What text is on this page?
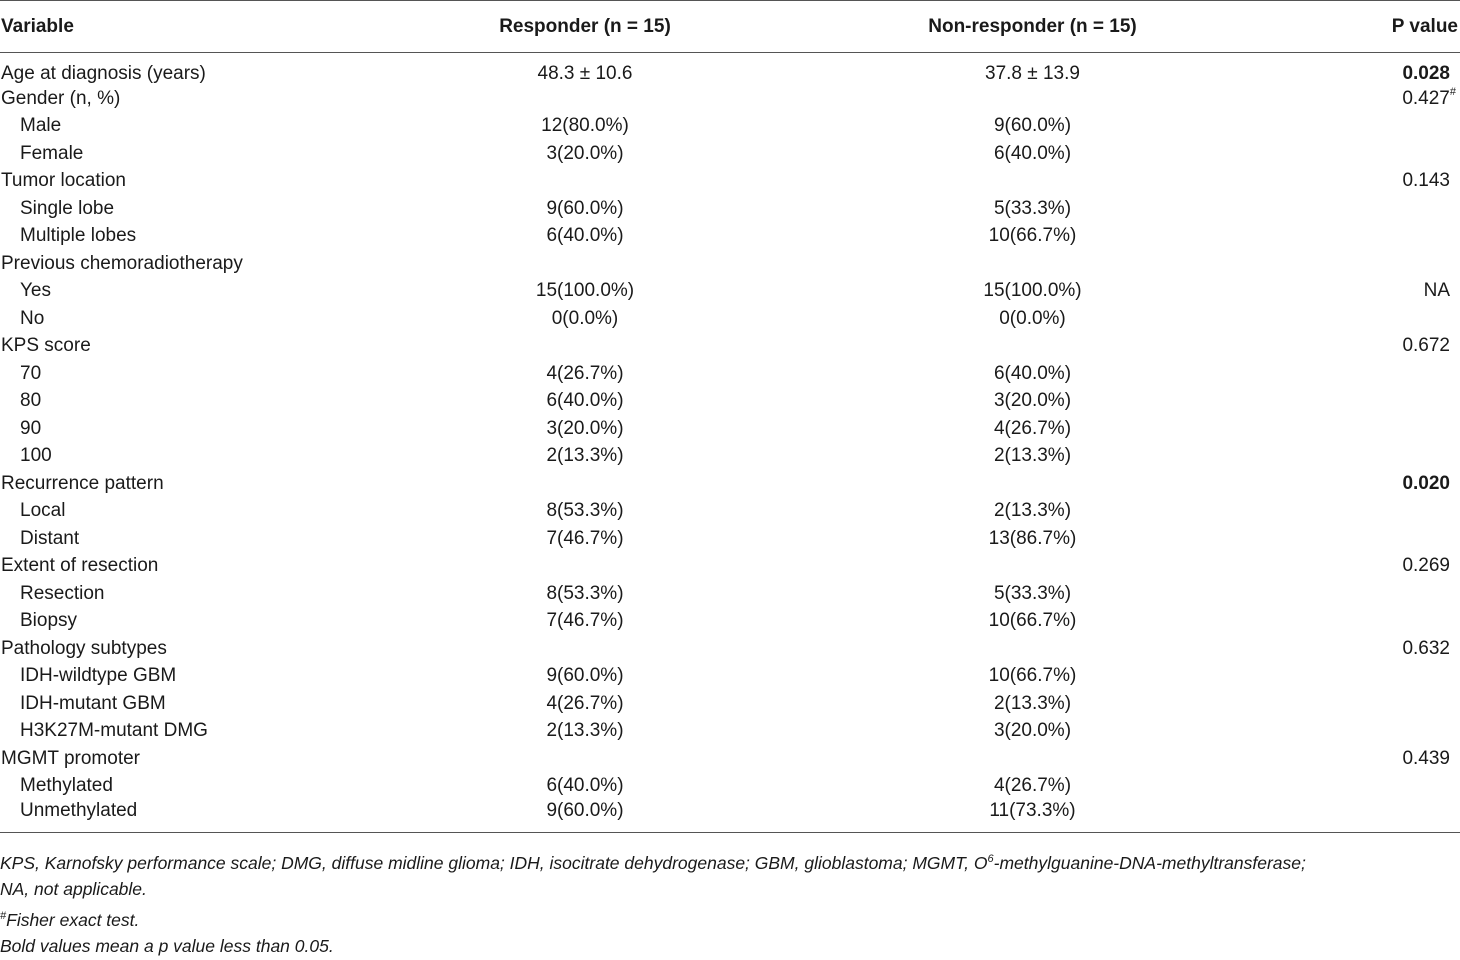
Variable	Responder (n = 15)	Non-responder (n = 15)	P value
Age at diagnosis (years)	48.3 ± 10.6	37.8 ± 13.9	0.028
Gender (n, %)			0.427#
Male	12(80.0%)	9(60.0%)	
Female	3(20.0%)	6(40.0%)	
Tumor location			0.143
Single lobe	9(60.0%)	5(33.3%)	
Multiple lobes	6(40.0%)	10(66.7%)	
Previous chemoradiotherapy			
Yes	15(100.0%)	15(100.0%)	NA
No	0(0.0%)	0(0.0%)	
KPS score			0.672
70	4(26.7%)	6(40.0%)	
80	6(40.0%)	3(20.0%)	
90	3(20.0%)	4(26.7%)	
100	2(13.3%)	2(13.3%)	
Recurrence pattern			0.020
Local	8(53.3%)	2(13.3%)	
Distant	7(46.7%)	13(86.7%)	
Extent of resection			0.269
Resection	8(53.3%)	5(33.3%)	
Biopsy	7(46.7%)	10(66.7%)	
Pathology subtypes			0.632
IDH-wildtype GBM	9(60.0%)	10(66.7%)	
IDH-mutant GBM	4(26.7%)	2(13.3%)	
H3K27M-mutant DMG	2(13.3%)	3(20.0%)	
MGMT promoter			0.439
Methylated	6(40.0%)	4(26.7%)	
Unmethylated	9(60.0%)	11(73.3%)	
KPS, Karnofsky performance scale; DMG, diffuse midline glioma; IDH, isocitrate dehydrogenase; GBM, glioblastoma; MGMT, $O^6-methylguanine-DNA$-methyltransferase;
NA, not applicable.
#Fisher exact test.
Bold values mean a p value less than 0.05.
